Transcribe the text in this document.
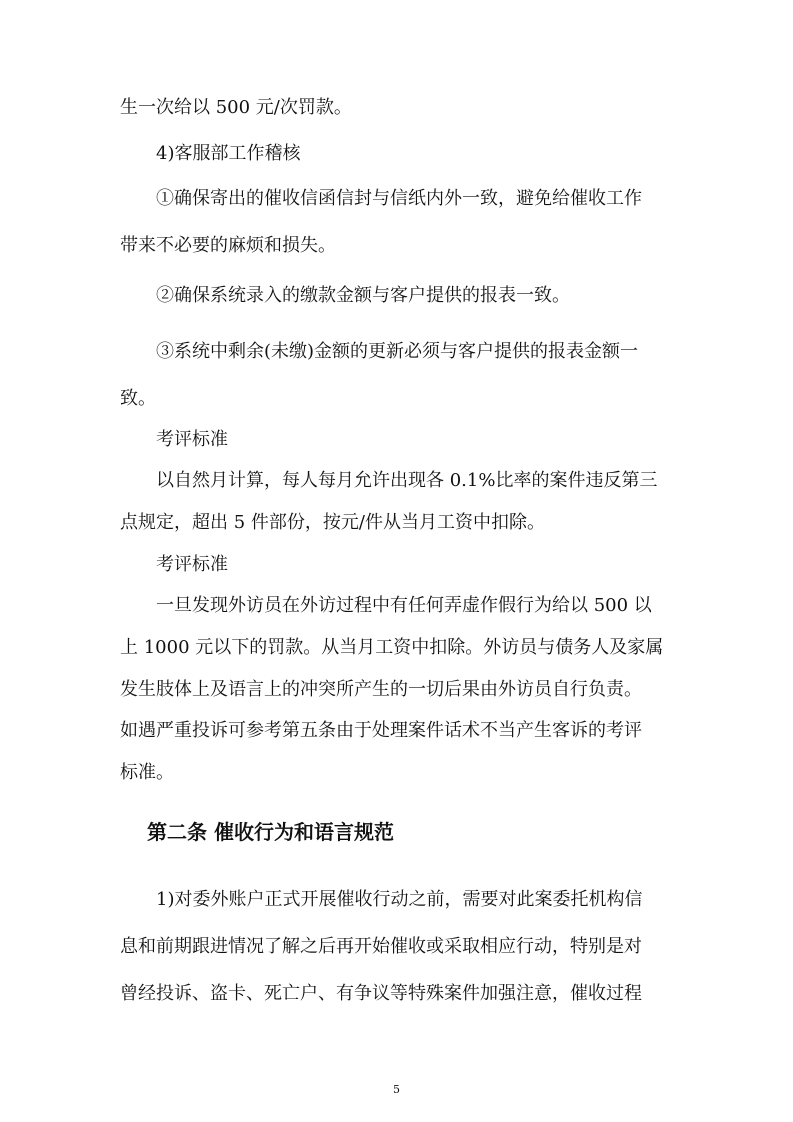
生一次给以 500 元/次罚款。

4)客服部工作稽核

①确保寄出的催收信函信封与信纸内外一致，避免给催收工作

带来不必要的麻烦和损失。

②确保系统录入的缴款金额与客户提供的报表一致。

③系统中剩余(未缴)金额的更新必须与客户提供的报表金额一

致。

考评标准

以自然月计算，每人每月允许出现各 0.1%比率的案件违反第三

点规定，超出 5 件部份，按元/件从当月工资中扣除。

考评标准

一旦发现外访员在外访过程中有任何弄虚作假行为给以 500 以

上 1000 元以下的罚款。从当月工资中扣除。外访员与债务人及家属

发生肢体上及语言上的冲突所产生的一切后果由外访员自行负责。

如遇严重投诉可参考第五条由于处理案件话术不当产生客诉的考评

标准。

第二条 催收行为和语言规范

1)对委外账户正式开展催收行动之前，需要对此案委托机构信

息和前期跟进情况了解之后再开始催收或采取相应行动，特别是对

曾经投诉、盗卡、死亡户、有争议等特殊案件加强注意，催收过程

5
